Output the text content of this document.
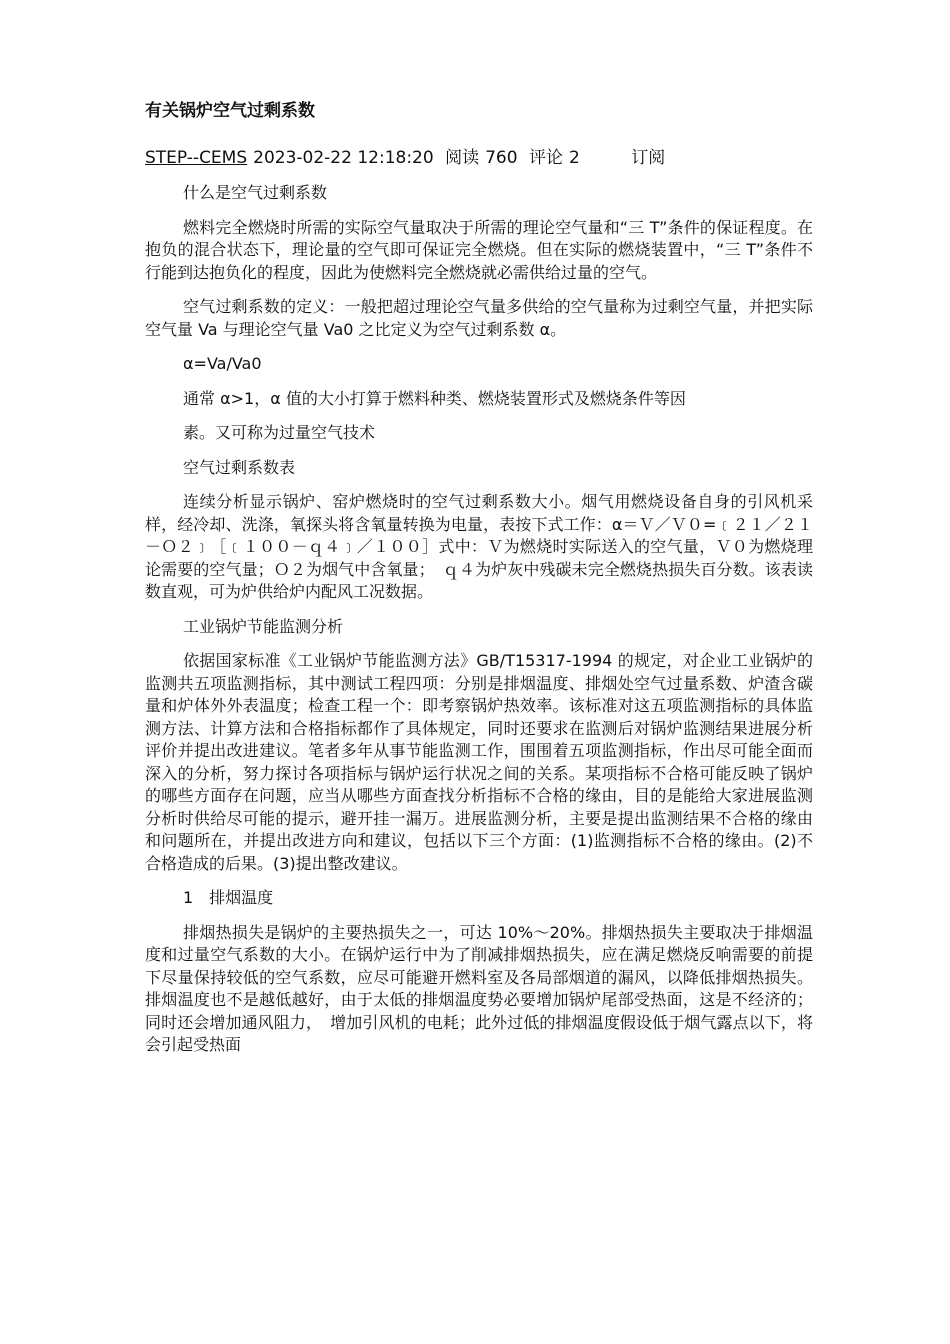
有关锅炉空气过剩系数
STEP--CEMS 2023-02-22 12:18:20 阅读 760 评论 2	订阅

什么是空气过剩系数

燃料完全燃烧时所需的实际空气量取决于所需的理论空气量和“三 T”条件的保证程度。在抱负的混合状态下，理论量的空气即可保证完全燃烧。但在实际的燃烧装置中，“三 T”条件不行能到达抱负化的程度，因此为使燃料完全燃烧就必需供给过量的空气。

空气过剩系数的定义：一般把超过理论空气量多供给的空气量称为过剩空气量，并把实际空气量 Va 与理论空气量 Va0 之比定义为空气过剩系数 α。

α=Va/Va0

通常 α>1，α 值的大小打算于燃料种类、燃烧装置形式及燃烧条件等因

素。又可称为过量空气技术

空气过剩系数表

连续分析显示锅炉、窑炉燃烧时的空气过剩系数大小。烟气用燃烧设备自身的引风机采样，经冷却、洗涤，氧探头将含氧量转换为电量，表按下式工作：α＝Ｖ／Ｖ０=﹝２１／２１－Ｏ２﹞［﹝１００－ｑ４﹞／１００］式中：Ｖ为燃烧时实际送入的空气量，Ｖ０为燃烧理论需要的空气量；Ｏ２为烟气中含氧量；　ｑ４为炉灰中残碳未完全燃烧热损失百分数。该表读数直观，可为炉供给炉内配风工况数据。

工业锅炉节能监测分析

依据国家标准《工业锅炉节能监测方法》GB/T15317-1994 的规定，对企业工业锅炉的监测共五项监测指标，其中测试工程四项：分别是排烟温度、排烟处空气过量系数、炉渣含碳量和炉体外外表温度；检查工程一个：即考察锅炉热效率。该标准对这五项监测指标的具体监测方法、计算方法和合格指标都作了具体规定，同时还要求在监测后对锅炉监测结果进展分析评价并提出改进建议。笔者多年从事节能监测工作，围围着五项监测指标，作出尽可能全面而深入的分析，努力探讨各项指标与锅炉运行状况之间的关系。某项指标不合格可能反映了锅炉的哪些方面存在问题，应当从哪些方面查找分析指标不合格的缘由，目的是能给大家进展监测分析时供给尽可能的提示，避开挂一漏万。进展监测分析，主要是提出监测结果不合格的缘由和问题所在，并提出改进方向和建议，包括以下三个方面：(1)监测指标不合格的缘由。(2)不合格造成的后果。(3)提出整改建议。

1　排烟温度

排烟热损失是锅炉的主要热损失之一，可达 10%～20%。排烟热损失主要取决于排烟温度和过量空气系数的大小。在锅炉运行中为了削减排烟热损失，应在满足燃烧反响需要的前提下尽量保持较低的空气系数，应尽可能避开燃料室及各局部烟道的漏风，以降低排烟热损失。排烟温度也不是越低越好，由于太低的排烟温度势必要增加锅炉尾部受热面，这是不经济的；同时还会增加通风阻力，　增加引风机的电耗；此外过低的排烟温度假设低于烟气露点以下，将会引起受热面
